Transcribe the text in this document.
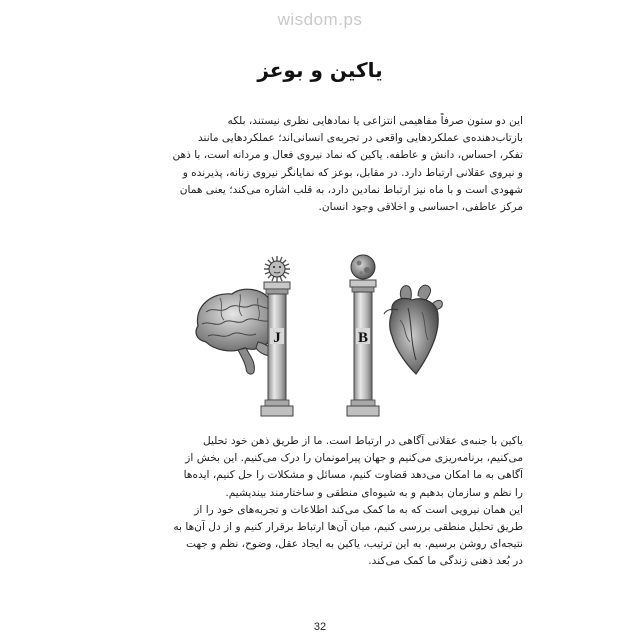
wisdom.ps
یاکین و بوعز
این دو ستون صرفاً مفاهیمی انتزاعی یا نمادهایی نظری نیستند، بلکه
بازتاب‌دهنده‌ی عملکردهایی واقعی در تجربه‌ی انسانی‌اند؛ عملکردهایی مانند
تفکر، احساس، دانش و عاطفه. یاکین که نماد نیروی فعال و مردانه است، با ذهن
و نیروی عقلانی ارتباط دارد. در مقابل، بوعز که نمایانگر نیروی زنانه، پذیرنده و
شهودی است و با ماه نیز ارتباط نمادین دارد، به قلب اشاره می‌کند؛ یعنی همان
مرکز عاطفی، احساسی و اخلاقی وجود انسان.
J	B
یاکین با جنبه‌ی عقلانی آگاهی در ارتباط است. ما از طریق ذهن خود تحلیل
می‌کنیم، برنامه‌ریزی می‌کنیم و جهان پیرامونمان را درک می‌کنیم. این بخش از
آگاهی به ما امکان می‌دهد قضاوت کنیم، مسائل و مشکلات را حل کنیم، ایده‌ها
را نظم و سازمان بدهیم و به شیوه‌ای منطقی و ساختارمند بیندیشیم.
این همان نیرویی است که به ما کمک می‌کند اطلاعات و تجربه‌های خود را از
طریق تحلیل منطقی بررسی کنیم، میان آن‌ها ارتباط برقرار کنیم و از دل آن‌ها به
نتیجه‌ای روشن برسیم. به این ترتیب، یاکین به ایجاد عقل، وضوح، نظم و جهت
در بُعد ذهنی زندگی ما کمک می‌کند.
32
